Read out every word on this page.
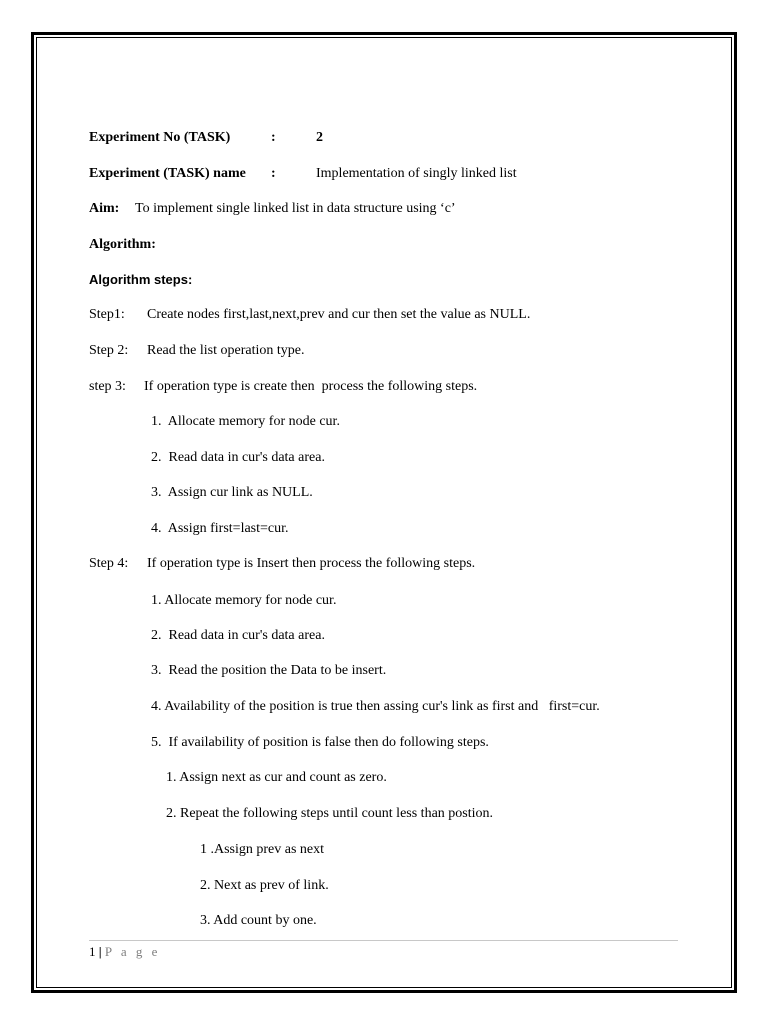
Experiment No (TASK)	:	2
Experiment (TASK) name :	Implementation of singly linked list
Aim: To implement single linked list in data structure using ‘c’
Algorithm:
Algorithm steps:
Step1: Create nodes first,last,next,prev and cur then set the value as NULL.
Step 2: Read the list operation type.
step 3: If operation type is create then  process the following steps.
1.  Allocate memory for node cur.
2.  Read data in cur's data area.
3.  Assign cur link as NULL.
4.  Assign first=last=cur.
Step 4: If operation type is Insert then process the following steps.
1. Allocate memory for node cur.
2.  Read data in cur's data area.
3.  Read the position the Data to be insert.
4. Availability of the position is true then assing cur's link as first and   first=cur.
5.  If availability of position is false then do following steps.
1. Assign next as cur and count as zero.
2. Repeat the following steps until count less than postion.
1 .Assign prev as next
2. Next as prev of link.
3. Add count by one.
1 | P a g e
